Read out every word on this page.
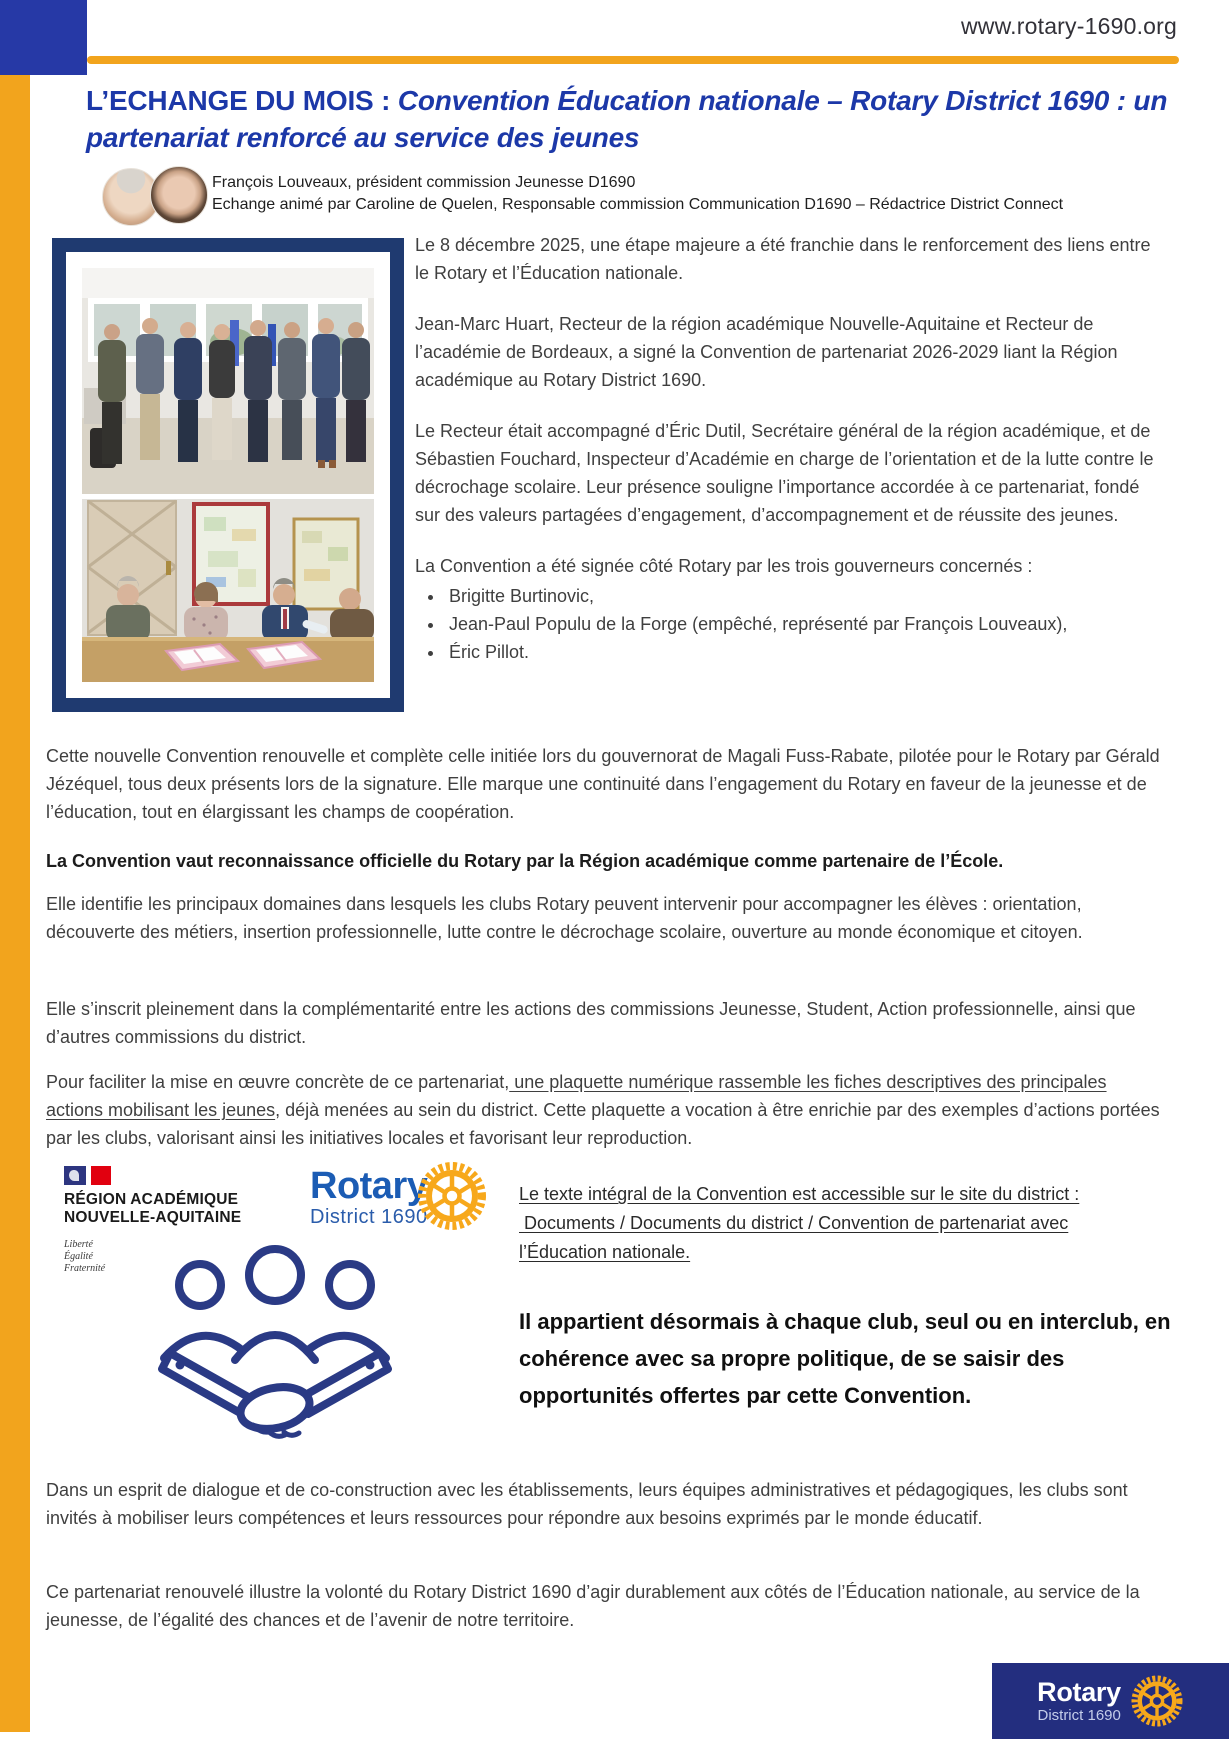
www.rotary-1690.org
L’ECHANGE DU MOIS : Convention Éducation nationale – Rotary District 1690 : un partenariat renforcé au service des jeunes
François Louveaux, président commission Jeunesse D1690
Echange animé par Caroline de Quelen, Responsable commission Communication D1690 – Rédactrice District Connect

Le 8 décembre 2025, une étape majeure a été franchie dans le renforcement des liens entre le Rotary et l’Éducation nationale.

Jean-Marc Huart, Recteur de la région académique Nouvelle-Aquitaine et Recteur de l’académie de Bordeaux, a signé la Convention de partenariat 2026-2029 liant la Région académique au Rotary District 1690.

Le Recteur était accompagné d’Éric Dutil, Secrétaire général de la région académique, et de Sébastien Fouchard, Inspecteur d’Académie en charge de l’orientation et de la lutte contre le décrochage scolaire. Leur présence souligne l’importance accordée à ce partenariat, fondé sur des valeurs partagées d’engagement, d’accompagnement et de réussite des jeunes.

La Convention a été signée côté Rotary par les trois gouverneurs concernés :

• Brigitte Burtinovic,
• Jean-Paul Populu de la Forge (empêché, représenté par François Louveaux),
• Éric Pillot.

Cette nouvelle Convention renouvelle et complète celle initiée lors du gouvernorat de Magali Fuss-Rabate, pilotée pour le Rotary par Gérald Jézéquel, tous deux présents lors de la signature. Elle marque une continuité dans l’engagement du Rotary en faveur de la jeunesse et de l’éducation, tout en élargissant les champs de coopération.

La Convention vaut reconnaissance officielle du Rotary par la Région académique comme partenaire de l’École.

Elle identifie les principaux domaines dans lesquels les clubs Rotary peuvent intervenir pour accompagner les élèves : orientation, découverte des métiers, insertion professionnelle, lutte contre le décrochage scolaire, ouverture au monde économique et citoyen.

Elle s’inscrit pleinement dans la complémentarité entre les actions des commissions Jeunesse, Student, Action professionnelle, ainsi que d’autres commissions du district.

Pour faciliter la mise en œuvre concrète de ce partenariat, une plaquette numérique rassemble les fiches descriptives des principales actions mobilisant les jeunes, déjà menées au sein du district. Cette plaquette a vocation à être enrichie par des exemples d’actions portées par les clubs, valorisant ainsi les initiatives locales et favorisant leur reproduction.

RÉGION ACADÉMIQUE
NOUVELLE-AQUITAINE
Liberté
Égalité
Fraternité
Rotary
District 1690
Le texte intégral de la Convention est accessible sur le site du district :
Documents / Documents du district / Convention de partenariat avec
l’Éducation nationale.

Il appartient désormais à chaque club, seul ou en interclub, en cohérence avec sa propre politique, de se saisir des opportunités offertes par cette Convention.

Dans un esprit de dialogue et de co-construction avec les établissements, leurs équipes administratives et pédagogiques, les clubs sont invités à mobiliser leurs compétences et leurs ressources pour répondre aux besoins exprimés par le monde éducatif.

Ce partenariat renouvelé illustre la volonté du Rotary District 1690 d’agir durablement aux côtés de l’Éducation nationale, au service de la jeunesse, de l’égalité des chances et de l’avenir de notre territoire.

Rotary
District 1690
